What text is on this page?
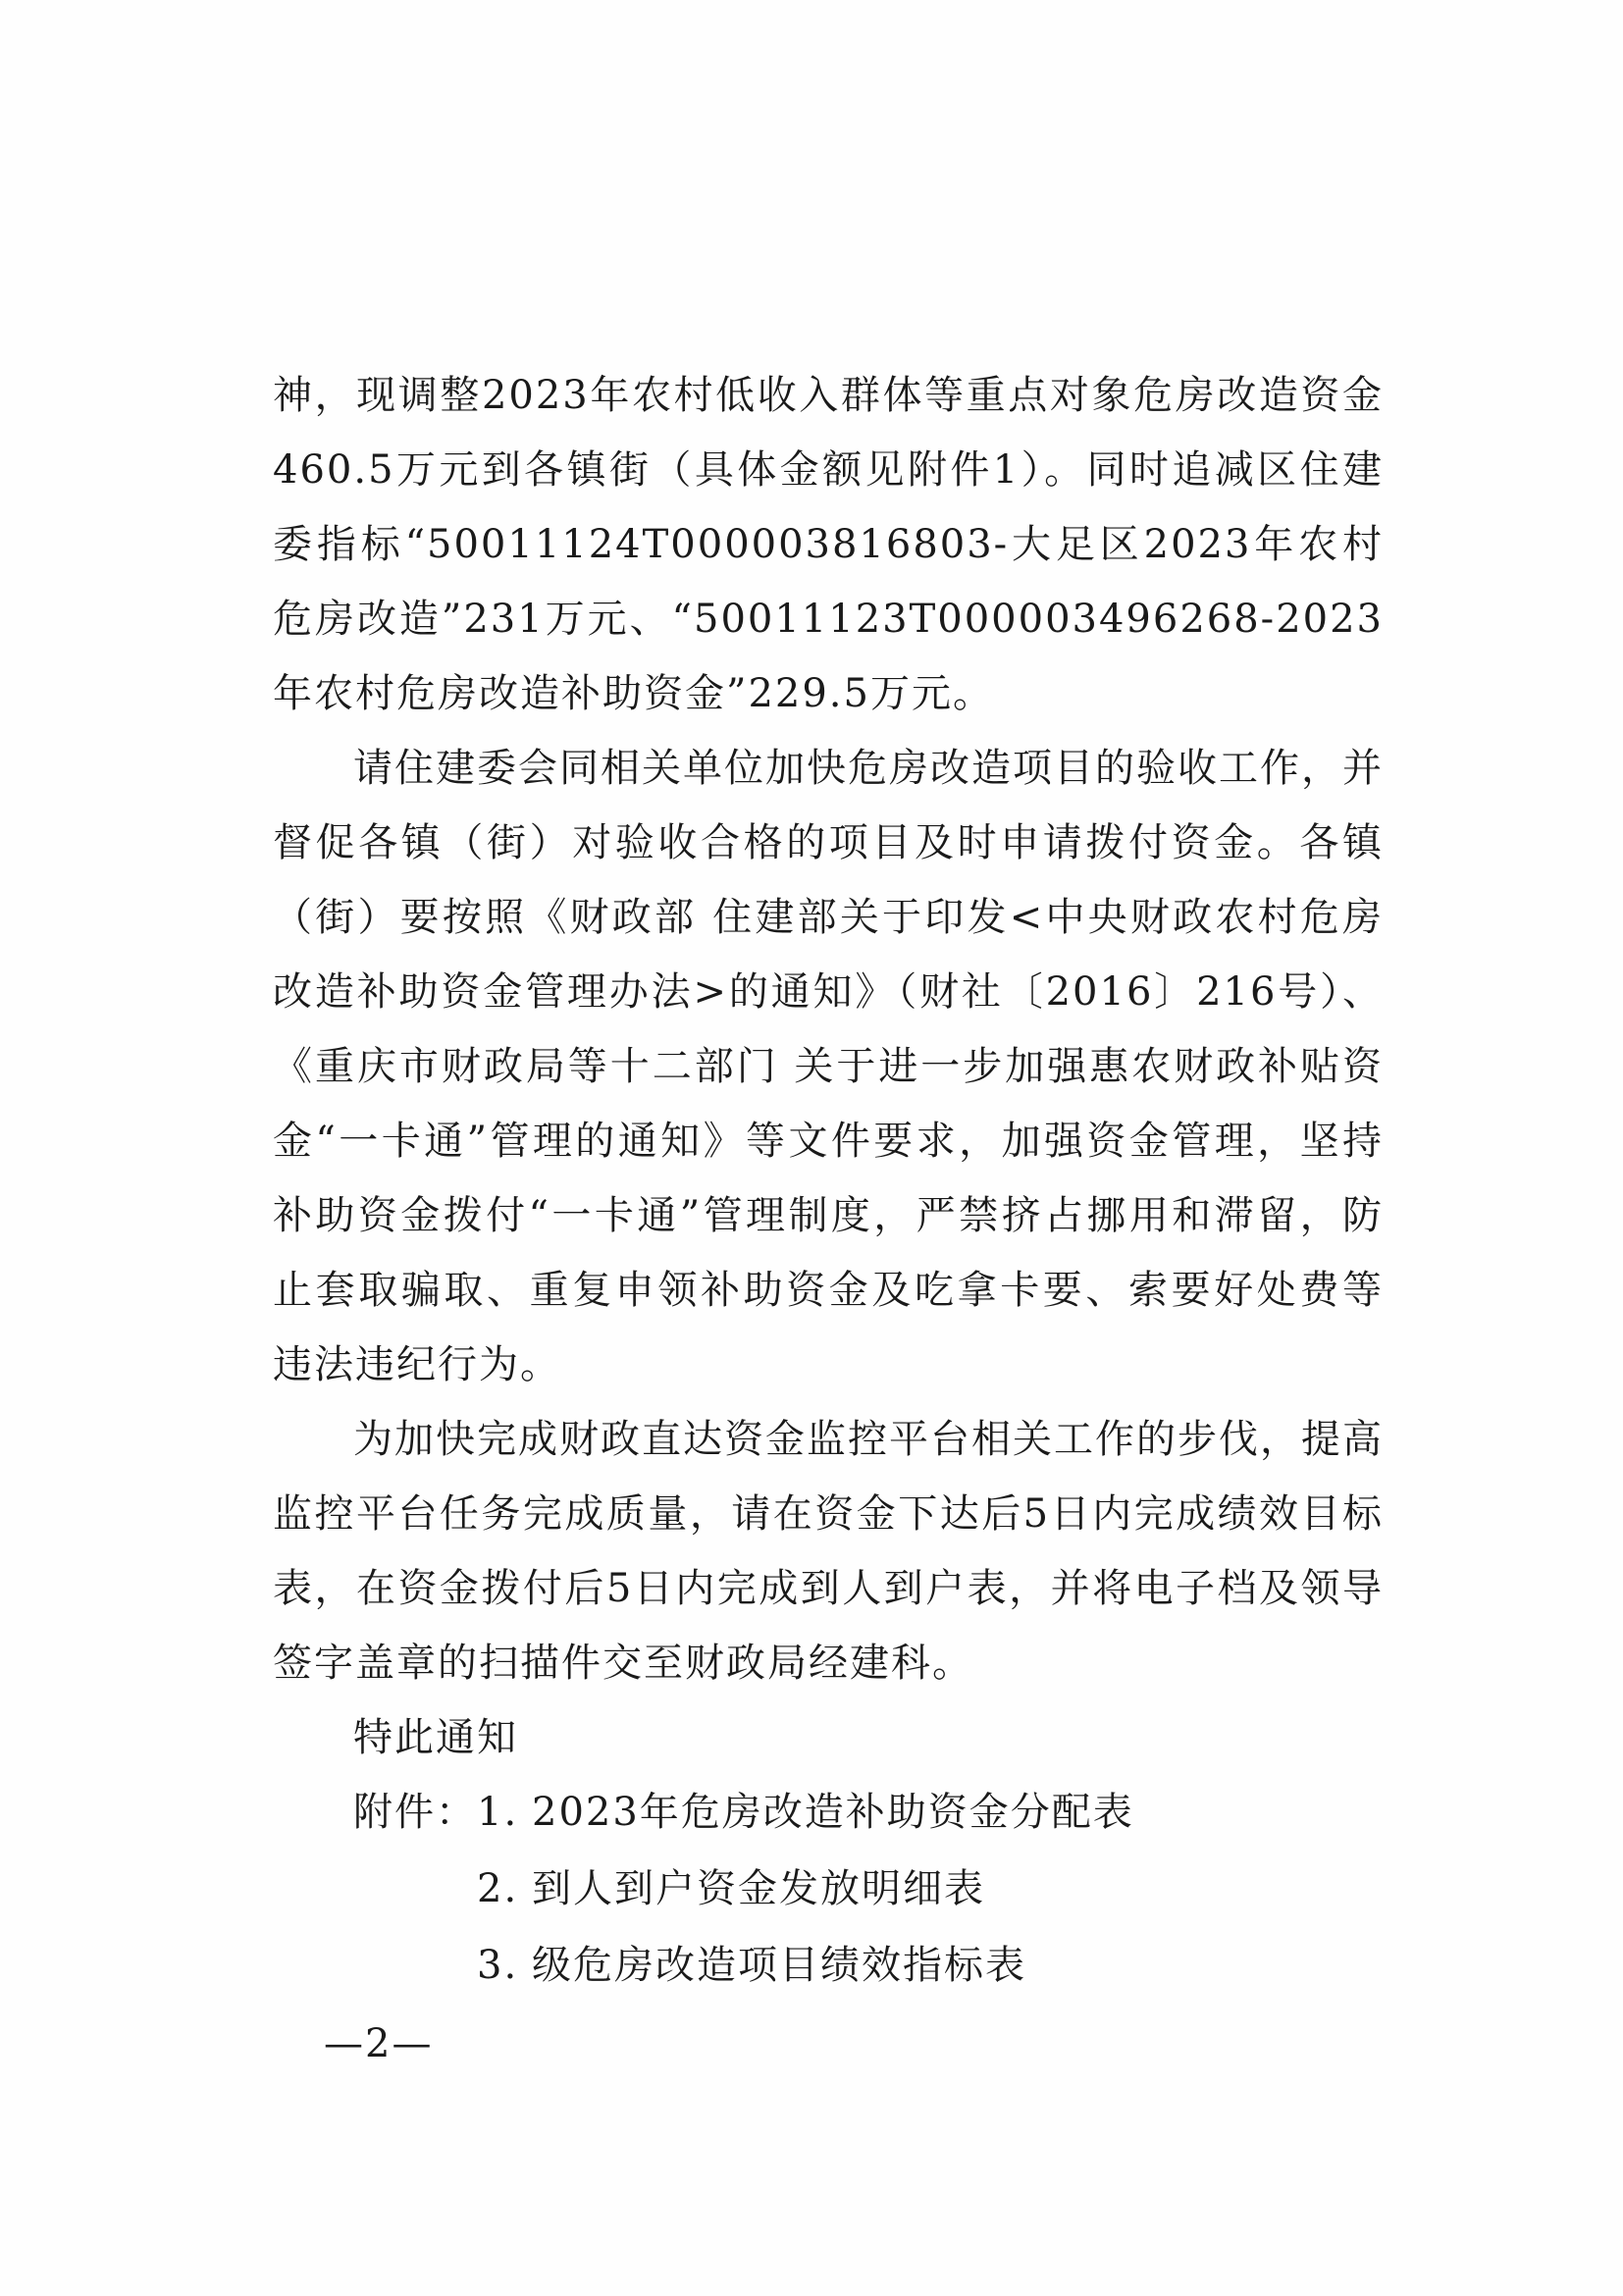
神，现调整2023年农村低收入群体等重点对象危房改造资金460.5万元到各镇街（具体金额见附件1）。同时追减区住建委指标“50011124T000003816803-大足区2023年农村危房改造”231万元、“50011123T000003496268-2023年农村危房改造补助资金”229.5万元。

请住建委会同相关单位加快危房改造项目的验收工作，并督促各镇（街）对验收合格的项目及时申请拨付资金。各镇（街）要按照《财政部 住建部关于印发<中央财政农村危房改造补助资金管理办法>的通知》（财社〔2016〕216号）、《重庆市财政局等十二部门 关于进一步加强惠农财政补贴资金“一卡通”管理的通知》等文件要求，加强资金管理，坚持补助资金拨付“一卡通”管理制度，严禁挤占挪用和滞留，防止套取骗取、重复申领补助资金及吃拿卡要、索要好处费等违法违纪行为。

为加快完成财政直达资金监控平台相关工作的步伐，提高监控平台任务完成质量，请在资金下达后5日内完成绩效目标表，在资金拨付后5日内完成到人到户表，并将电子档及领导签字盖章的扫描件交至财政局经建科。

特此通知

附件： 1. 2023年危房改造补助资金分配表
2. 到人到户资金发放明细表
3. 级危房改造项目绩效指标表
—2—
